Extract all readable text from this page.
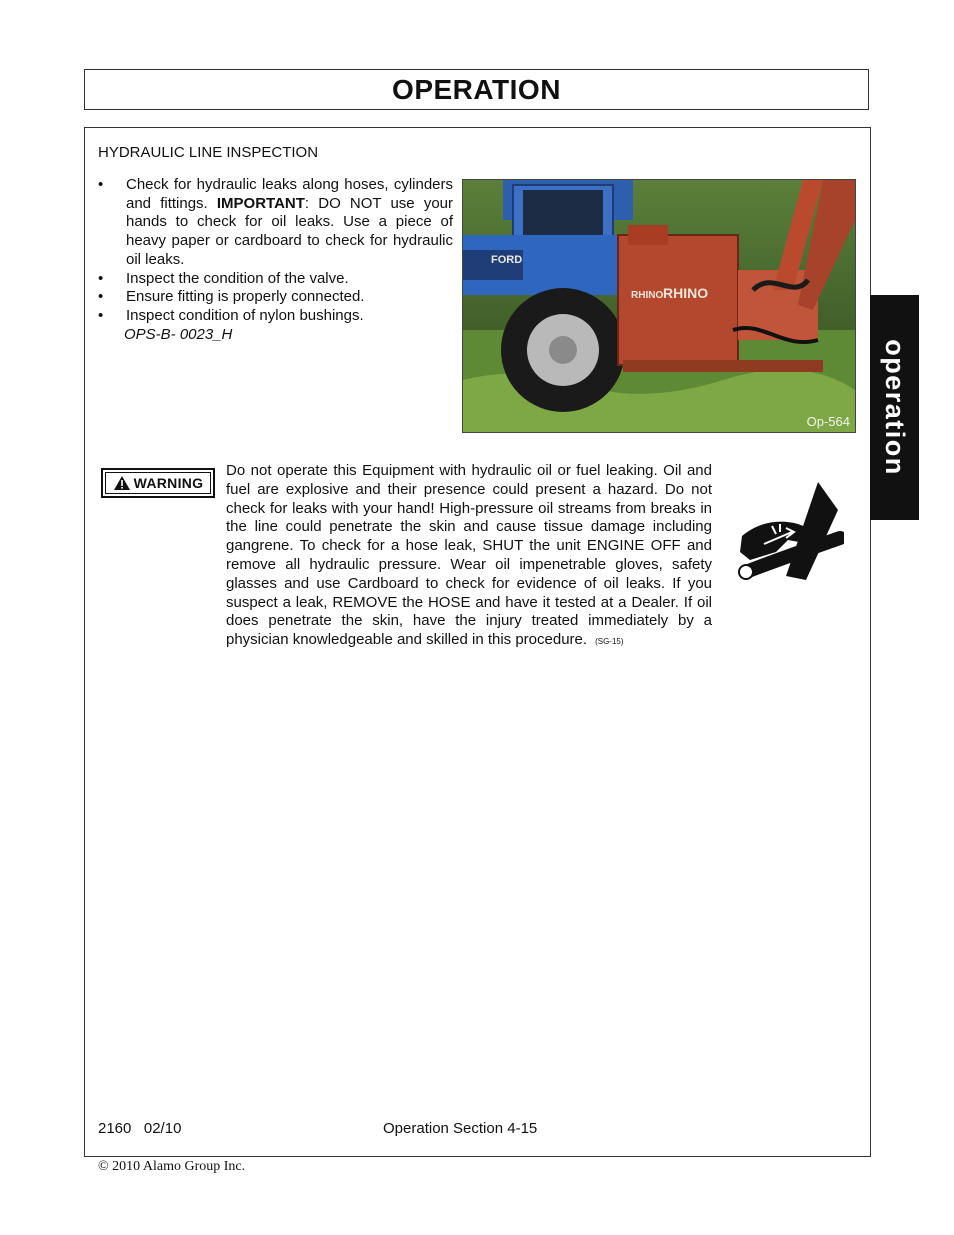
OPERATION
HYDRAULIC LINE INSPECTION
• Check for hydraulic leaks along hoses, cylinders and fittings. IMPORTANT: DO NOT use your hands to check for oil leaks. Use a piece of heavy paper or cardboard to check for hydraulic oil leaks.
• Inspect the condition of the valve.
• Ensure fitting is properly connected.
• Inspect condition of nylon bushings.
OPS-B- 0023_H
FORD
RHINO RHINO
Op-564
WARNING
Do not operate this Equipment with hydraulic oil or fuel leaking. Oil and fuel are explosive and their presence could present a hazard. Do not check for leaks with your hand! High-pressure oil streams from breaks in the line could penetrate the skin and cause tissue damage including gangrene. To check for a hose leak, SHUT the unit ENGINE OFF and remove all hydraulic pressure. Wear oil impenetrable gloves, safety glasses and use Cardboard to check for evidence of oil leaks. If you suspect a leak, REMOVE the HOSE and have it tested at a Dealer. If oil does penetrate the skin, have the injury treated immediately by a physician knowledgeable and skilled in this procedure. (SG-15)
operation
2160   02/10	Operation Section 4-15
© 2010 Alamo Group Inc.
